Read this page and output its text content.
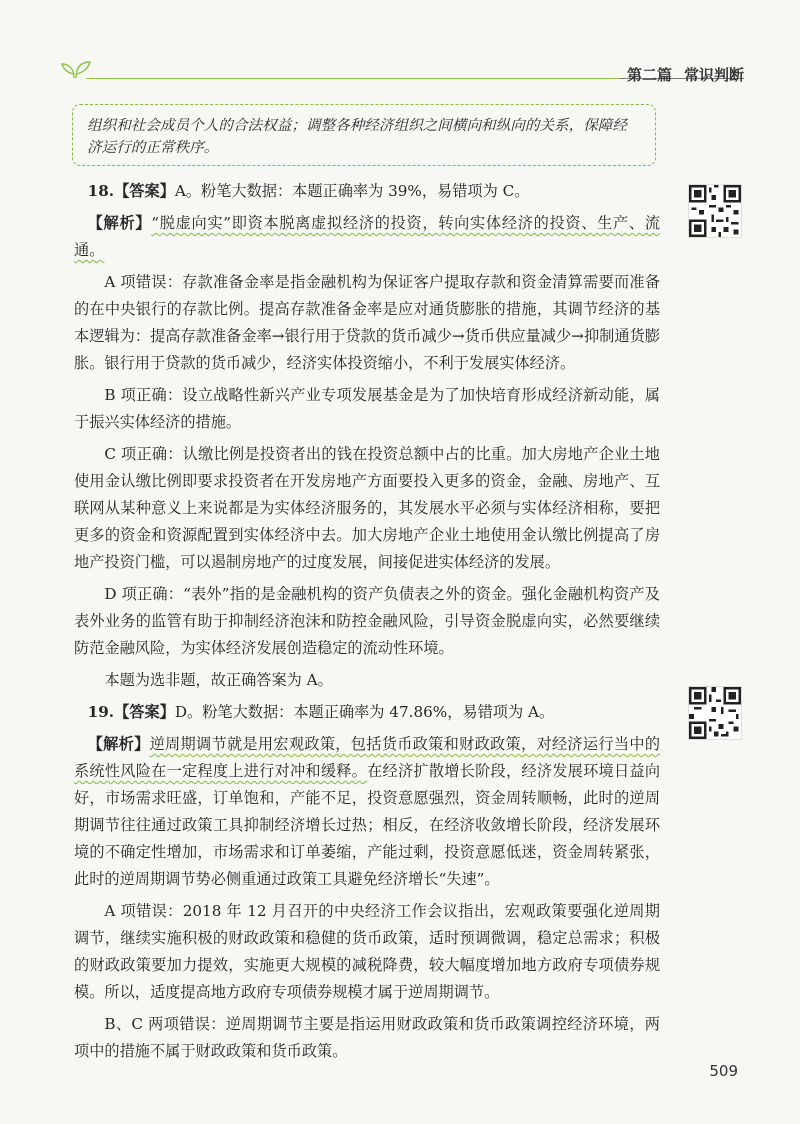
第二篇 常识判断
组织和社会成员个人的合法权益；调整各种经济组织之间横向和纵向的关系，保障经济运行的正常秩序。

18.【答案】A。粉笔大数据：本题正确率为 39%，易错项为 C。

【解析】“脱虚向实”即资本脱离虚拟经济的投资，转向实体经济的投资、生产、流通。

A 项错误：存款准备金率是指金融机构为保证客户提取存款和资金清算需要而准备的在中央银行的存款比例。提高存款准备金率是应对通货膨胀的措施，其调节经济的基本逻辑为：提高存款准备金率→银行用于贷款的货币减少→货币供应量减少→抑制通货膨胀。银行用于贷款的货币减少，经济实体投资缩小，不利于发展实体经济。

B 项正确：设立战略性新兴产业专项发展基金是为了加快培育形成经济新动能，属于振兴实体经济的措施。

C 项正确：认缴比例是投资者出的钱在投资总额中占的比重。加大房地产企业土地使用金认缴比例即要求投资者在开发房地产方面要投入更多的资金，金融、房地产、互联网从某种意义上来说都是为实体经济服务的，其发展水平必须与实体经济相称，要把更多的资金和资源配置到实体经济中去。加大房地产企业土地使用金认缴比例提高了房地产投资门槛，可以遏制房地产的过度发展，间接促进实体经济的发展。

D 项正确：“表外”指的是金融机构的资产负债表之外的资金。强化金融机构资产及表外业务的监管有助于抑制经济泡沫和防控金融风险，引导资金脱虚向实，必然要继续防范金融风险，为实体经济发展创造稳定的流动性环境。

本题为选非题，故正确答案为 A。

19.【答案】D。粉笔大数据：本题正确率为 47.86%，易错项为 A。

【解析】逆周期调节就是用宏观政策，包括货币政策和财政政策，对经济运行当中的系统性风险在一定程度上进行对冲和缓释。在经济扩散增长阶段，经济发展环境日益向好，市场需求旺盛，订单饱和，产能不足，投资意愿强烈，资金周转顺畅，此时的逆周期调节往往通过政策工具抑制经济增长过热；相反，在经济收敛增长阶段，经济发展环境的不确定性增加，市场需求和订单萎缩，产能过剩，投资意愿低迷，资金周转紧张，此时的逆周期调节势必侧重通过政策工具避免经济增长“失速”。

A 项错误：2018 年 12 月召开的中央经济工作会议指出，宏观政策要强化逆周期调节，继续实施积极的财政政策和稳健的货币政策，适时预调微调，稳定总需求；积极的财政政策要加力提效，实施更大规模的减税降费，较大幅度增加地方政府专项债券规模。所以，适度提高地方政府专项债券规模才属于逆周期调节。

B、C 两项错误：逆周期调节主要是指运用财政政策和货币政策调控经济环境，两项中的措施不属于财政政策和货币政策。

509
